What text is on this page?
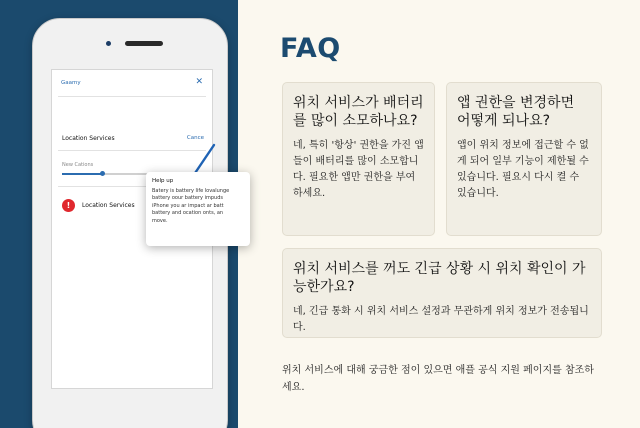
Gaamy	✕
Location Services	Cance
New Cations
!	Location Services
Help up
Batery is battery life lovalunge
battery oour battery impuds
iPhone you ar impact ar batt
battery and ocation onts, an
move.
FAQ
위치 서비스가 배터리를 많이 소모하나요?
네, 특히 '항상' 권한을 가진 앱들이 배터리를 많이 소모합니다. 필요한 앱만 권한을 부여하세요.
앱 권한을 변경하면 어떻게 되나요?
앱이 위치 정보에 접근할 수 없게 되어 일부 기능이 제한될 수 있습니다. 필요시 다시 켤 수 있습니다.
위치 서비스를 꺼도 긴급 상황 시 위치 확인이 가능한가요?
네, 긴급 통화 시 위치 서비스 설정과 무관하게 위치 정보가 전송됩니다.
위치 서비스에 대해 궁금한 점이 있으면 애플 공식 지원 페이지를 참조하세요.
